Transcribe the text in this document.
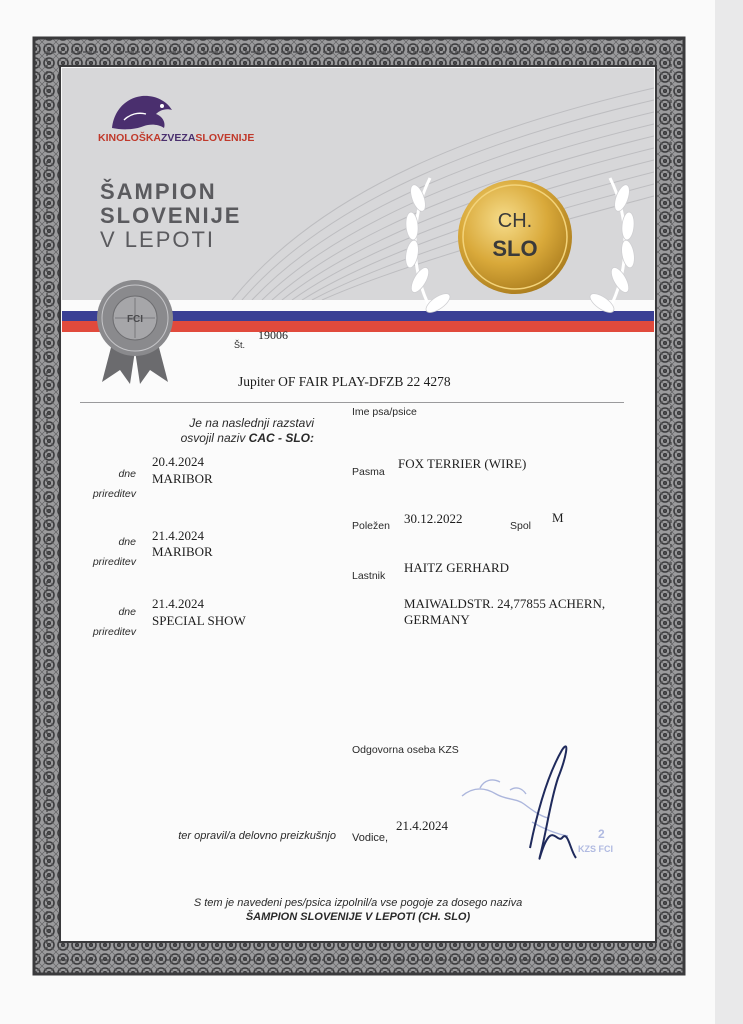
KINOLOŠKAZVEZASLOVENIJE
ŠAMPION
SLOVENIJE
V LEPOTI
CH.
SLO
FCI
Št.
19006
Jupiter OF FAIR PLAY-DFZB 22 4278
Ime psa/psice
Je na naslednji razstavi
osvojil naziv CAC - SLO:
dne
prireditev
20.4.2024
MARIBOR
dne
prireditev
21.4.2024
MARIBOR
dne
prireditev
21.4.2024
SPECIAL SHOW
Pasma
FOX TERRIER (WIRE)
Poležen 30.12.2022	Spol
M
Lastnik
HAITZ GERHARD
MAIWALDSTR. 24,77855 ACHERN,
GERMANY
Odgovorna oseba KZS
2
KZS FCI
ter opravil/a delovno preizkušnjo Vodice,
21.4.2024
S tem je navedeni pes/psica izpolnil/a vse pogoje za dosego naziva
ŠAMPION SLOVENIJE V LEPOTI (CH. SLO)
